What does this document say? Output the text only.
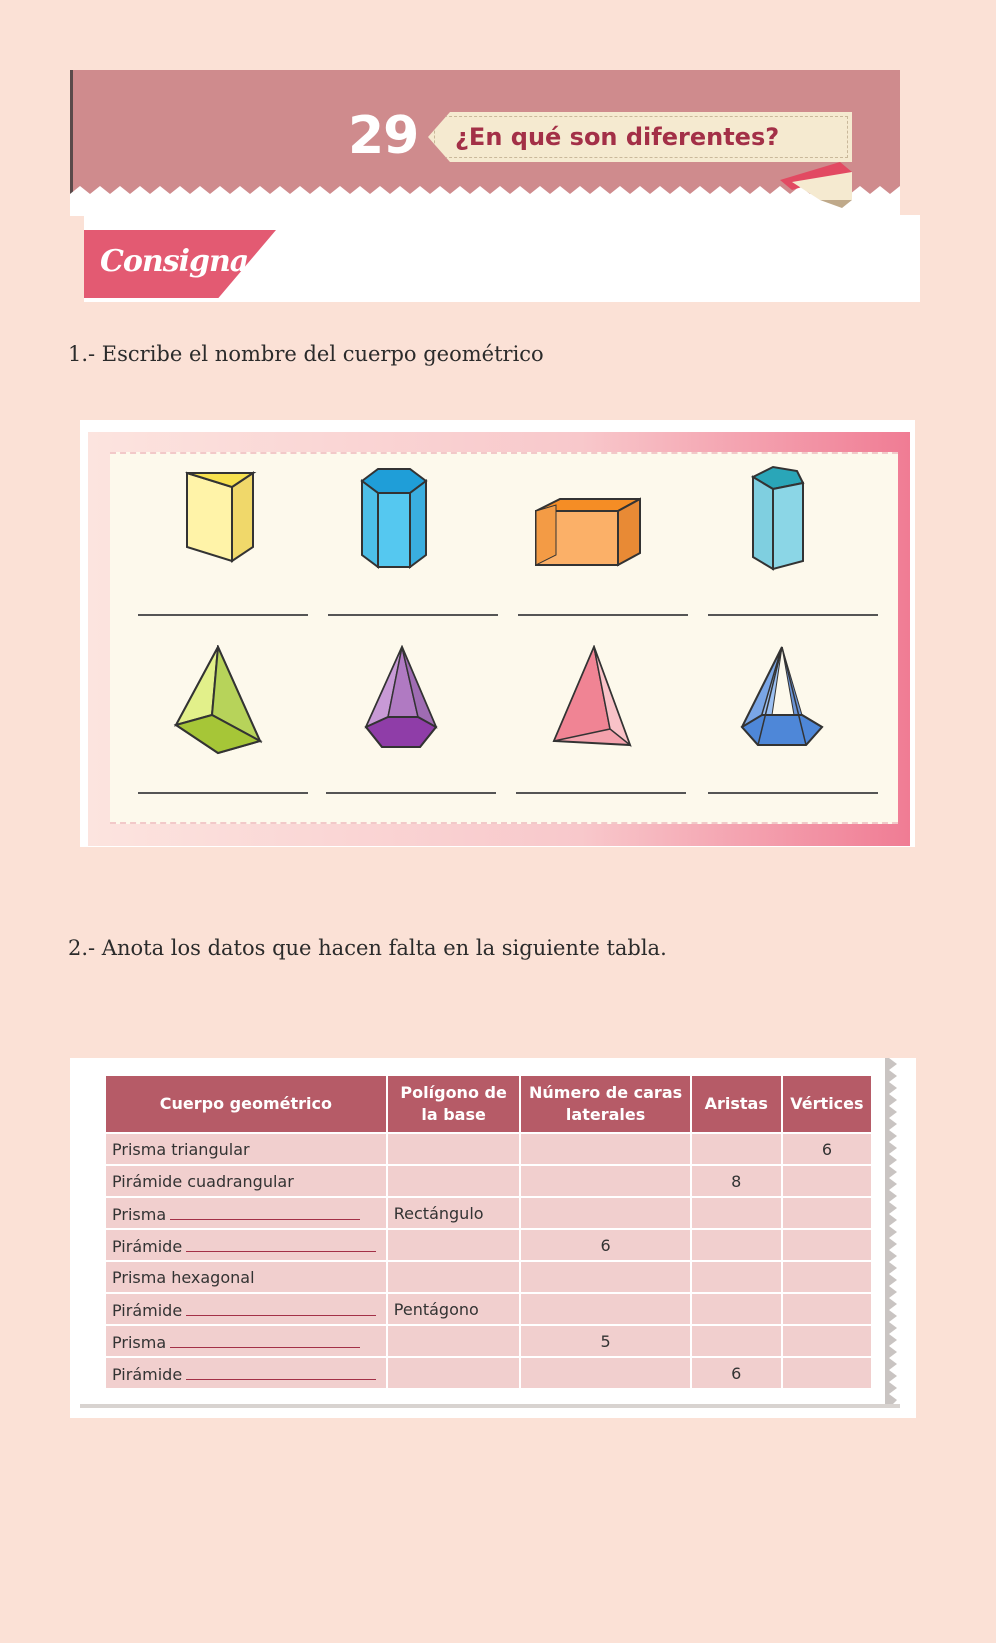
29	¿En qué son diferentes?
Consigna
1.- Escribe el nombre del cuerpo geométrico
2.- Anota los datos que hacen falta en la siguiente tabla.
Cuerpo geométrico	Polígono de la base	Número de caras laterales	Aristas	Vértices
Prisma triangular				6
Pirámide cuadrangular			8	
Prisma	Rectángulo			
Pirámide		6		
Prisma hexagonal				
Pirámide	Pentágono			
Prisma		5		
Pirámide			6	
